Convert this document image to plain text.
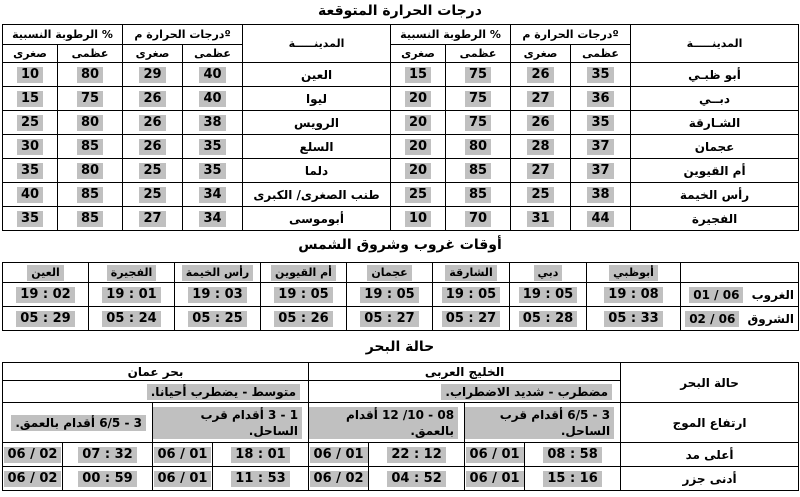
درجات الحرارة المتوقعة
الرطوبة النسبية %		درجات الحرارة مº		المدينـــــة	الرطوبة النسبية %		درجات الحرارة مº		المدينـــــة
صغرى	عظمى	صغرى	عظمى		صغرى	عظمى	صغرى	عظمى	
10	80	29	40	العين	15	75	26	35	أبو ظبـي
15	75	26	40	ليوا	20	75	27	36	دبــي
25	80	26	38	الرويس	20	75	26	35	الشـارقة
30	85	26	35	السلع	20	80	28	37	عجمان
35	80	25	35	دلما	20	85	27	37	أم القيوين
40	85	25	34	طنب الصغرى/ الكبرى	25	85	25	38	رأس الخيمة
35	85	27	34	أبوموسى	10	70	31	44	الفجيرة
أوقات غروب وشروق الشمس
العين	الفجيرة	رأس الخيمة	أم القيوين	عجمان	الشارقة	دبي	أبوظبي	
19 : 02	19 : 01	19 : 03	19 : 05	19 : 05	19 : 05	19 : 05	19 : 08	الغروب 01 / 06
05 : 29	05 : 24	05 : 25	05 : 26	05 : 27	05 : 27	05 : 28	05 : 33	الشروق 02 / 06
حالة البحر
بحر عمان				الخليج العربى				حالة البحر
متوسط - يضطرب أحيانا.				مضطرب - شديد الاضطراب.				
3 - 6/5 أقدام بالعمق.		1 - 3 أقدام قرب الساحل.		08 - 10/ 12 أقدام بالعمق.		3 - 6/5 أقدام قرب الساحل.		ارتفاع الموج
06 / 02	07 : 32	06 / 01	18 : 01	06 / 01	22 : 12	06 / 01	08 : 58	أعلى مد
06 / 02	00 : 59	06 / 01	11 : 53	06 / 02	04 : 52	06 / 01	15 : 16	أدنى جزر
